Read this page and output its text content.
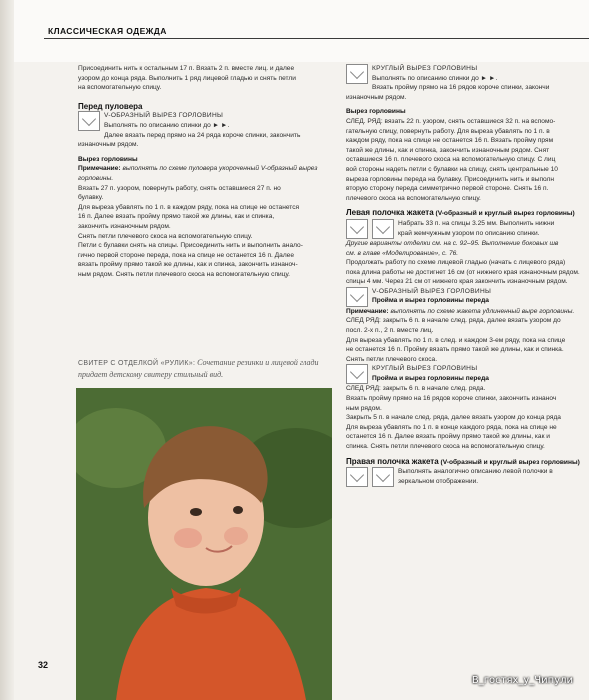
КЛАССИЧЕСКАЯ ОДЕЖДА

Присоединить нить к остальным 17 п. Вязать 2 п. вместе лиц. и далее

узором до конца ряда. Выполнить 1 ряд лицевой гладью и снять петли

на вспомогательную спицу.

Перед пуловера

V-ОБРАЗНЫЙ ВЫРЕЗ ГОРЛОВИНЫ

Выполнять по описанию спинки до ► ►.

Далее вязать перед прямо на 24 ряда короче спинки, закончить

изнаночным рядом.

Вырез горловины

Примечание: выполнять по схеме пуловера укороченный V-образный вырез горловины.

Вязать 27 п. узором, повернуть работу, снять оставшиеся 27 п. но

булавку.

Для выреза убавлять по 1 п. в каждом ряду, пока на спице не останется

16 п. Далее вязать пройму прямо такой же длины, как и спинка,

закончить изнаночным рядом.

Снять петли плечевого скоса на вспомогательную спицу.

Петли с булавки снять на спицы. Присоединить нить и выполнить анало-

гично первой стороне переда, пока на спице не останется 16 п. Далее

вязать пройму прямо такой же длины, как и спинка, закончить изнаноч-

ным рядом. Снять петли плечевого скоса на вспомогательную спицу.

СВИТЕР С ОТДЕЛКОЙ «РУЛИК»: Сочетание резинки и лицевой глади придает детскому свитеру стильный вид.

КРУГЛЫЙ ВЫРЕЗ ГОРЛОВИНЫ

Выполнять по описанию спинки до ► ►.

Вязать пройму прямо на 16 рядов короче спинки, закончи

изнаночным рядом.

Вырез горловины

СЛЕД. РЯД: вязать 22 п. узором, снять оставшиеся 32 п. на вспомо-

гательную спицу, повернуть работу. Для выреза убавлять по 1 п. в

каждом ряду, пока на спице не останется 16 п. Вязать пройму прям

такой же длины, как и спинка, закончить изнаночным рядом. Снят

оставшиеся 16 п. плечевого скоса на вспомогательную спицу. С лиц

вой стороны надеть петли с булавки на спицу, снять центральные 10

выреза горловины переда на булавку. Присоединить нить и выполн

вторую сторону переда симметрично первой стороне. Снять 16 п.

плечевого скоса на вспомогательную спицу.

Левая полочка жакета (V-образный и круглый вырез горловины)

Набрать 33 п. на спицы 3.25 мм. Выполнить нижни

край жемчужным узором по описанию спинки.

Другие варианты отделки см. на с. 92–95. Выполнение боковых шв

см. в главе «Моделирование», с. 76.

Продолжать работу по схеме лицевой гладью (начать с лицевого ряда)

пока длина работы не достигнет 16 см (от нижнего края изнаночным рядом.

спицы 4 мм. Через 21 см от нижнего края закончить изнаночным рядом.

V-ОБРАЗНЫЙ ВЫРЕЗ ГОРЛОВИНЫ

Пройма и вырез горловины переда

Примечание: выполнять по схеме жакета удлиненный выре горловины.

СЛЕД РЯД: закрыть 6 п. в начале след. ряда, далее вязать узором до

посл. 2-х п., 2 п. вместе лиц.

Для выреза убавлять по 1 п. в след. и каждом 3-ем ряду, пока на спице

не останется 16 п. Пройму вязать прямо такой же длины, как и спинка.

Снять петли плечевого скоса.

КРУГЛЫЙ ВЫРЕЗ ГОРЛОВИНЫ

Пройма и вырез горловины переда

СЛЕД РЯД: закрыть 6 п. в начале след. ряда.

Вязать пройму прямо на 16 рядов короче спинки, закончить изнаноч

ным рядом.

Закрыть 5 п. в начале след. ряда, далее вязать узором до конца ряда

Для выреза убавлять по 1 п. в конце каждого ряда, пока на спице не

останется 16 п. Далее вязать пройму прямо такой же длины, как и

спинка. Снять петли плечевого скоса на вспомогательную спицу.

Правая полочка жакета (V-образный и круглый вырез горловины)

Выполнять аналогично описанию левой полочки в

зеркальном отображении.

32
В_гостях_у_Чипули
